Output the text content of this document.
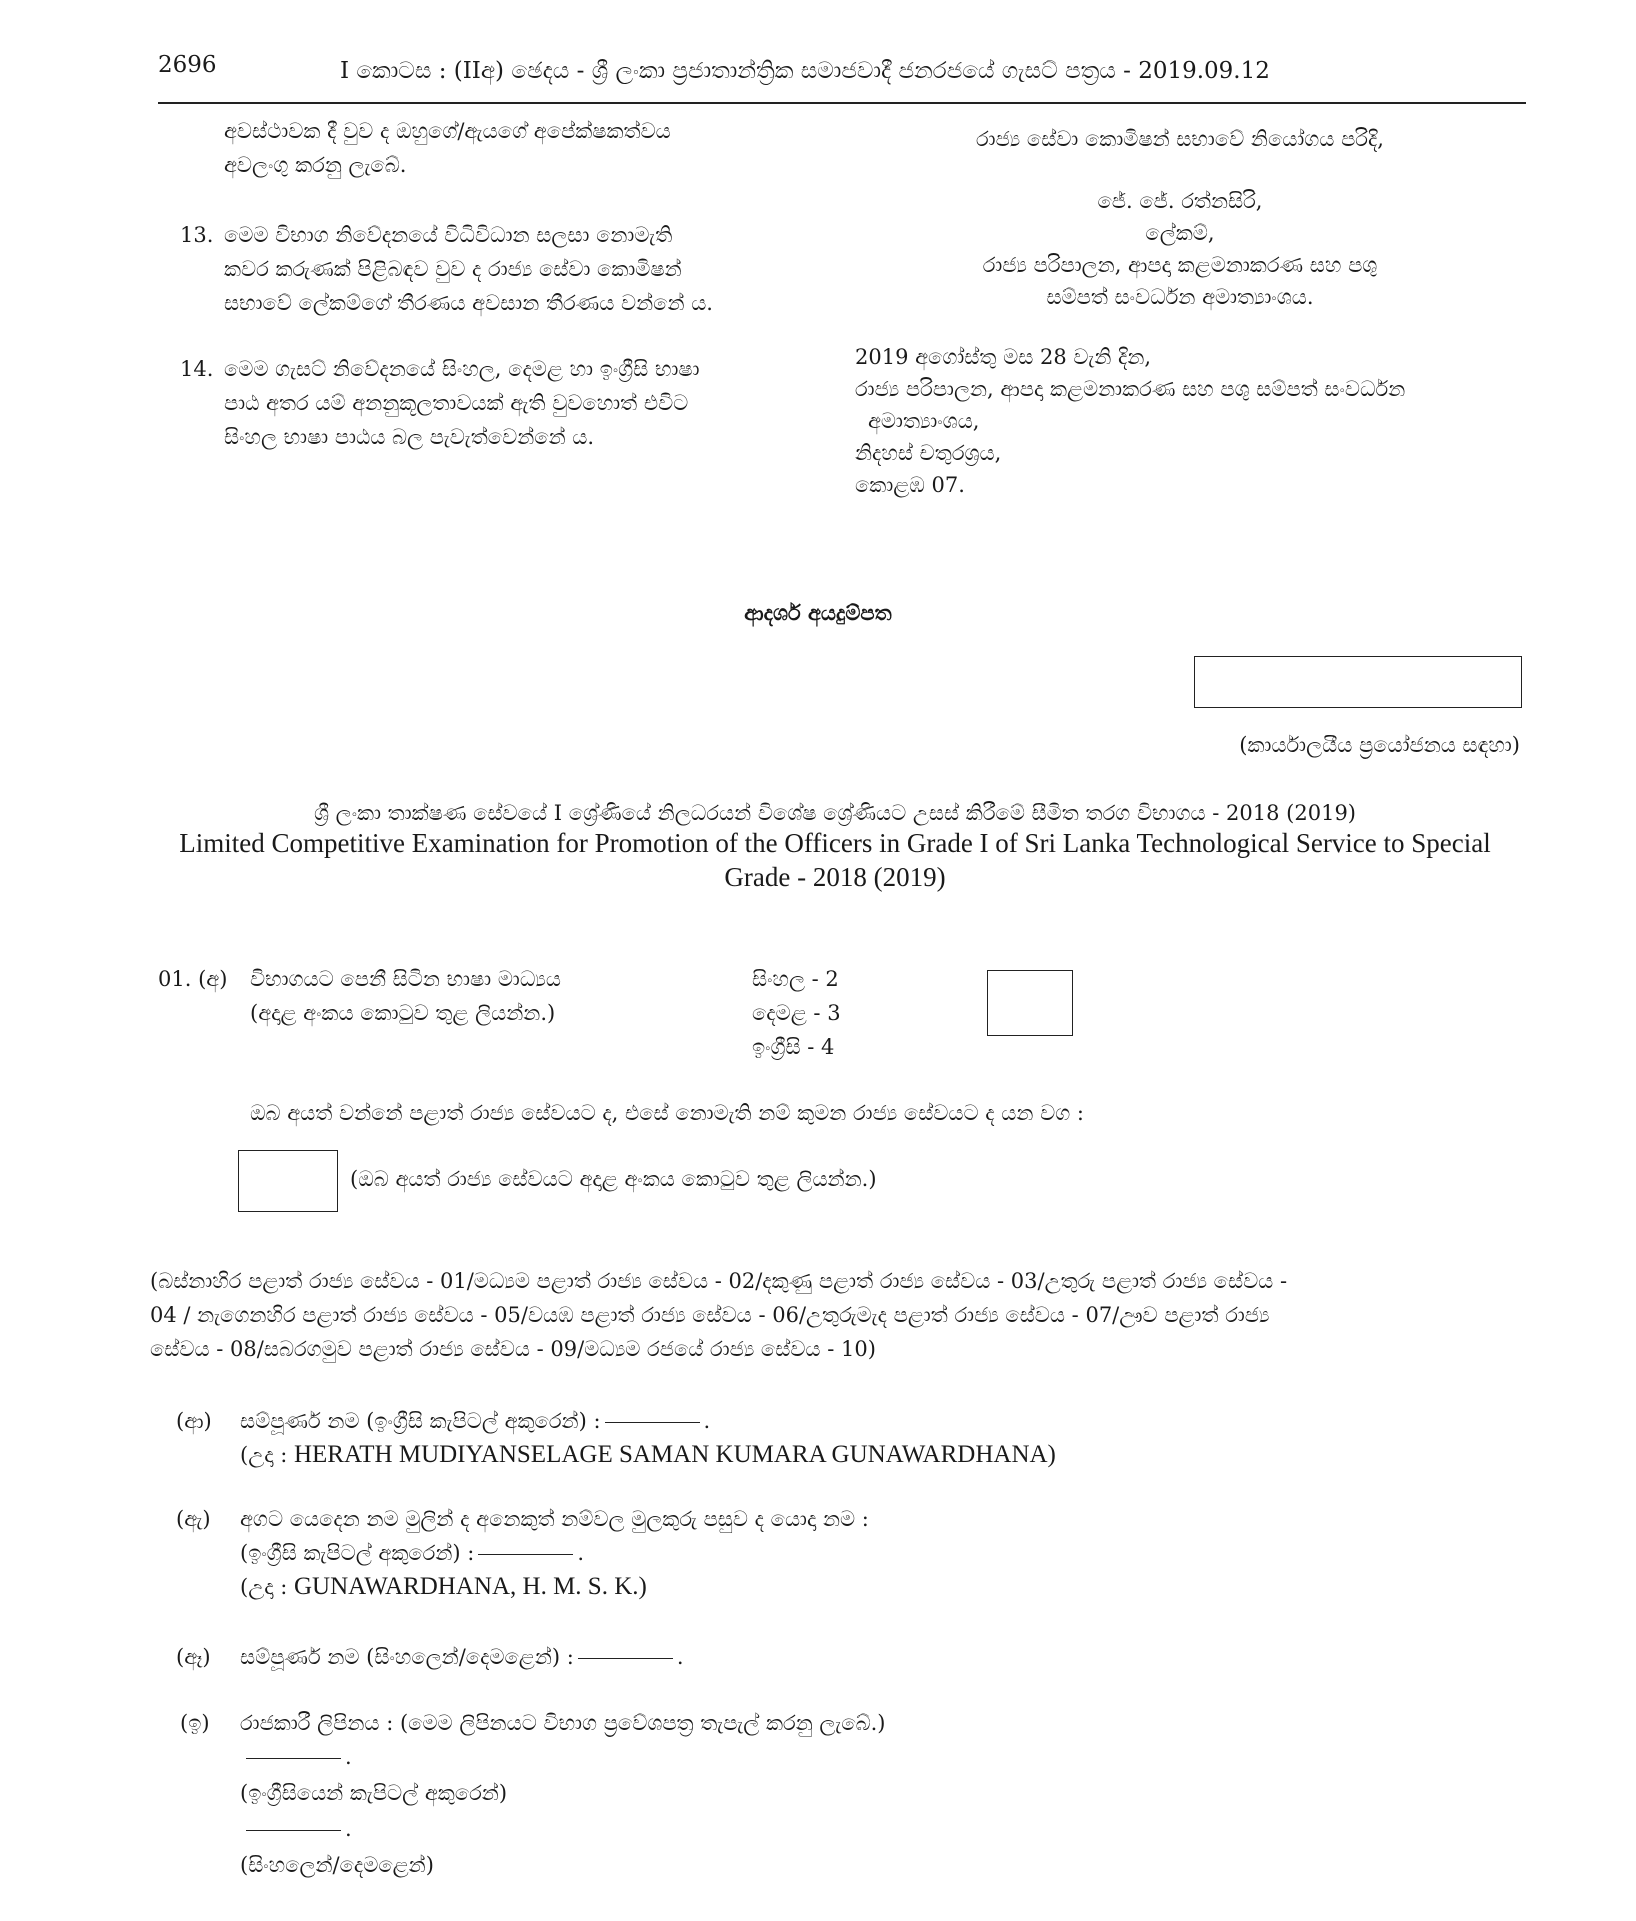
2696	I කොටස : (IIඅ) ඡෙදය - ශ්‍රී ලංකා ප්‍රජාතාන්ත්‍රික සමාජවාදී ජනරජයේ ගැසට් පත්‍රය - 2019.09.12
අවස්ථාවක දී වුව ද ඔහුගේ/ඇයගේ අපේක්ෂකත්වය
අවලංගු කරනු ලැබේ.
13. මෙම විභාග නිවේදනයේ විධිවිධාන සලසා නොමැති
කවර කරුණක් පිළිබඳව වුව ද රාජ්‍ය සේවා කොමිෂන්
සභාවේ ලේකම්ගේ තීරණය අවසාන තීරණය වන්නේ ය.
14. මෙම ගැසට් නිවේදනයේ සිංහල, දෙමළ හා ඉංග්‍රීසි භාෂා
පාඨ අතර යම් අනනුකූලතාවයක් ඇති වුවහොත් එවිට
සිංහල භාෂා පාඨය බල පැවැත්වෙන්නේ ය.
රාජ්‍ය සේවා කොමිෂන් සභාවේ නියෝගය පරිදි,
ජේ. ජේ. රත්නසිරි,
ලේකම්,
රාජ්‍ය පරිපාලන, ආපදා කළමනාකරණ සහ පශු
සම්පත් සංවර්ධන අමාත්‍යාංශය.
2019 අගෝස්තු මස 28 වැනි දින,
රාජ්‍ය පරිපාලන, ආපදා කළමනාකරණ සහ පශු සම්පත් සංවර්ධන
අමාත්‍යාංශය,
නිදහස් චතුරශ්‍රය,
කොළඹ 07.
ආදර්ශ අයදුම්පත
(කාර්යාලයීය ප්‍රයෝජනය සඳහා)
ශ්‍රී ලංකා තාක්ෂණ සේවයේ I ශ්‍රේණියේ නිලධරයන් විශේෂ ශ්‍රේණියට උසස් කිරීමේ සීමිත තරග විභාගය - 2018 (2019)
Limited Competitive Examination for Promotion of the Officers in Grade I of Sri Lanka Technological Service to Special
Grade - 2018 (2019)
01. (අ) විභාගයට පෙනී සිටින භාෂා මාධ්‍යය
(අදාළ අංකය කොටුව තුළ ලියන්න.)
සිංහල - 2
දෙමළ - 3
ඉංග්‍රීසි - 4
ඔබ අයත් වන්නේ පළාත් රාජ්‍ය සේවයට ද, එසේ නොමැති නම් කුමන රාජ්‍ය සේවයට ද යන වග :
(ඔබ අයත් රාජ්‍ය සේවයට අදාළ අංකය කොටුව තුළ ලියන්න.)
(බස්නාහිර පළාත් රාජ්‍ය සේවය - 01/මධ්‍යම පළාත් රාජ්‍ය සේවය - 02/දකුණු පළාත් රාජ්‍ය සේවය - 03/උතුරු පළාත් රාජ්‍ය සේවය -
04 / නැගෙනහිර පළාත් රාජ්‍ය සේවය - 05/වයඹ පළාත් රාජ්‍ය සේවය - 06/උතුරුමැද පළාත් රාජ්‍ය සේවය - 07/ඌව පළාත් රාජ්‍ය
සේවය - 08/සබරගමුව පළාත් රාජ්‍ය සේවය - 09/මධ්‍යම රජයේ රාජ්‍ය සේවය - 10)
(ආ) සම්පූර්ණ නම (ඉංග්‍රීසි කැපිටල් අකුරෙන්) :	.
(උදා : HERATH MUDIYANSELAGE SAMAN KUMARA GUNAWARDHANA)
(ඇ) අගට යෙදෙන නම මුලින් ද අනෙකුත් නම්වල මුලකුරු පසුව ද යොදා නම :
(ඉංග්‍රීසි කැපිටල් අකුරෙන්) :	.
(උදා : GUNAWARDHANA, H. M. S. K.)
(ඈ) සම්පූර්ණ නම (සිංහලෙන්/දෙමළෙන්) :	.
(ඉ) රාජකාරී ලිපිනය : (මෙම ලිපිනයට විභාග ප්‍රවේශපත්‍ර තැපැල් කරනු ලැබේ.)
.
(ඉංග්‍රීසියෙන් කැපිටල් අකුරෙන්)
.
(සිංහලෙන්/දෙමළෙන්)
